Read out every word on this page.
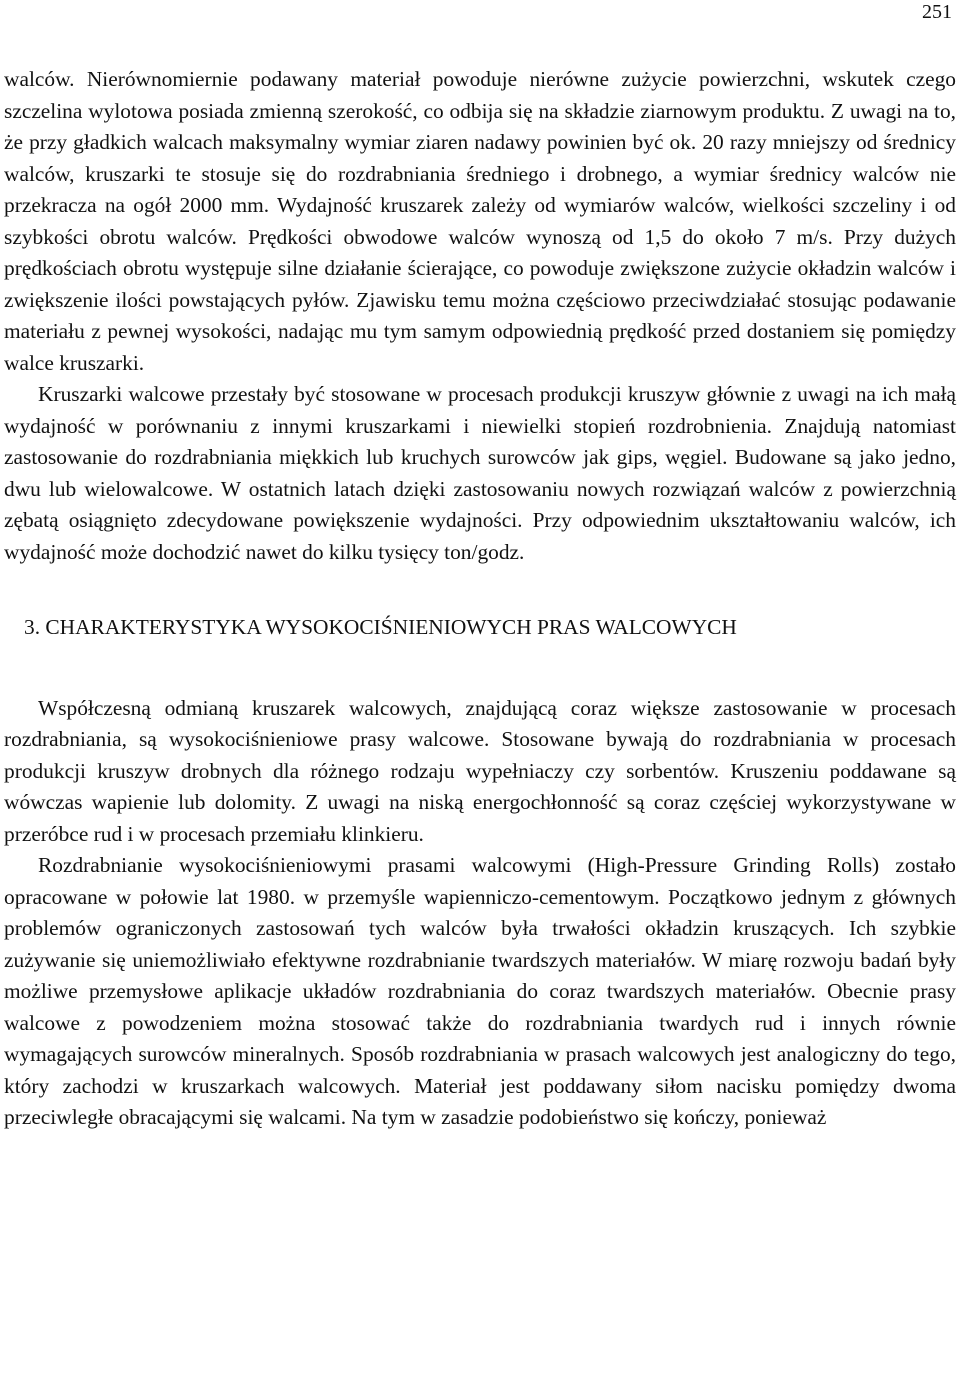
251

walców. Nierównomiernie podawany materiał powoduje nierówne zużycie powierzchni, wskutek czego szczelina wylotowa posiada zmienną szerokość, co odbija się na składzie ziarnowym produktu. Z uwagi na to, że przy gładkich walcach maksymalny wymiar ziaren nadawy powinien być ok. 20 razy mniejszy od średnicy walców, kruszarki te stosuje się do rozdrabniania średniego i drobnego, a wymiar średnicy walców nie przekracza na ogół 2000 mm. Wydajność kruszarek zależy od wymiarów walców, wielkości szczeliny i od szybkości obrotu walców. Prędkości obwodowe walców wynoszą od 1,5 do około 7 m/s. Przy dużych prędkościach obrotu występuje silne działanie ścierające, co powoduje zwiększone zużycie okładzin walców i zwiększenie ilości powstających pyłów. Zjawisku temu można częściowo przeciwdziałać stosując podawanie materiału z pewnej wysokości, nadając mu tym samym odpowiednią prędkość przed dostaniem się pomiędzy walce kruszarki.

Kruszarki walcowe przestały być stosowane w procesach produkcji kruszyw głównie z uwagi na ich małą wydajność w porównaniu z innymi kruszarkami i niewielki stopień rozdrobnienia. Znajdują natomiast zastosowanie do rozdrabniania miękkich lub kruchych surowców jak gips, węgiel. Budowane są jako jedno, dwu lub wielowalcowe. W ostatnich latach dzięki zastosowaniu nowych rozwiązań walców z powierzchnią zębatą osiągnięto zdecydowane powiększenie wydajności. Przy odpowiednim ukształtowaniu walców, ich wydajność może dochodzić nawet do kilku tysięcy ton/godz.

3. CHARAKTERYSTYKA WYSOKOCIŚNIENIOWYCH PRAS WALCOWYCH

Współczesną odmianą kruszarek walcowych, znajdującą coraz większe zastosowanie w procesach rozdrabniania, są wysokociśnieniowe prasy walcowe. Stosowane bywają do rozdrabniania w procesach produkcji kruszyw drobnych dla różnego rodzaju wypełniaczy czy sorbentów. Kruszeniu poddawane są wówczas wapienie lub dolomity. Z uwagi na niską energochłonność są coraz częściej wykorzystywane w przeróbce rud i w procesach przemiału klinkieru.

Rozdrabnianie wysokociśnieniowymi prasami walcowymi (High-Pressure Grinding Rolls) zostało opracowane w połowie lat 1980. w przemyśle wapienniczo-cementowym. Początkowo jednym z głównych problemów ograniczonych zastosowań tych walców była trwałości okładzin kruszących. Ich szybkie zużywanie się uniemożliwiało efektywne rozdrabnianie twardszych materiałów. W miarę rozwoju badań były możliwe przemysłowe aplikacje układów rozdrabniania do coraz twardszych materiałów. Obecnie prasy walcowe z powodzeniem można stosować także do rozdrabniania twardych rud i innych równie wymagających surowców mineralnych. Sposób rozdrabniania w prasach walcowych jest analogiczny do tego, który zachodzi w kruszarkach walcowych. Materiał jest poddawany siłom nacisku pomiędzy dwoma przeciwległe obracającymi się walcami. Na tym w zasadzie podobieństwo się kończy, ponieważ
